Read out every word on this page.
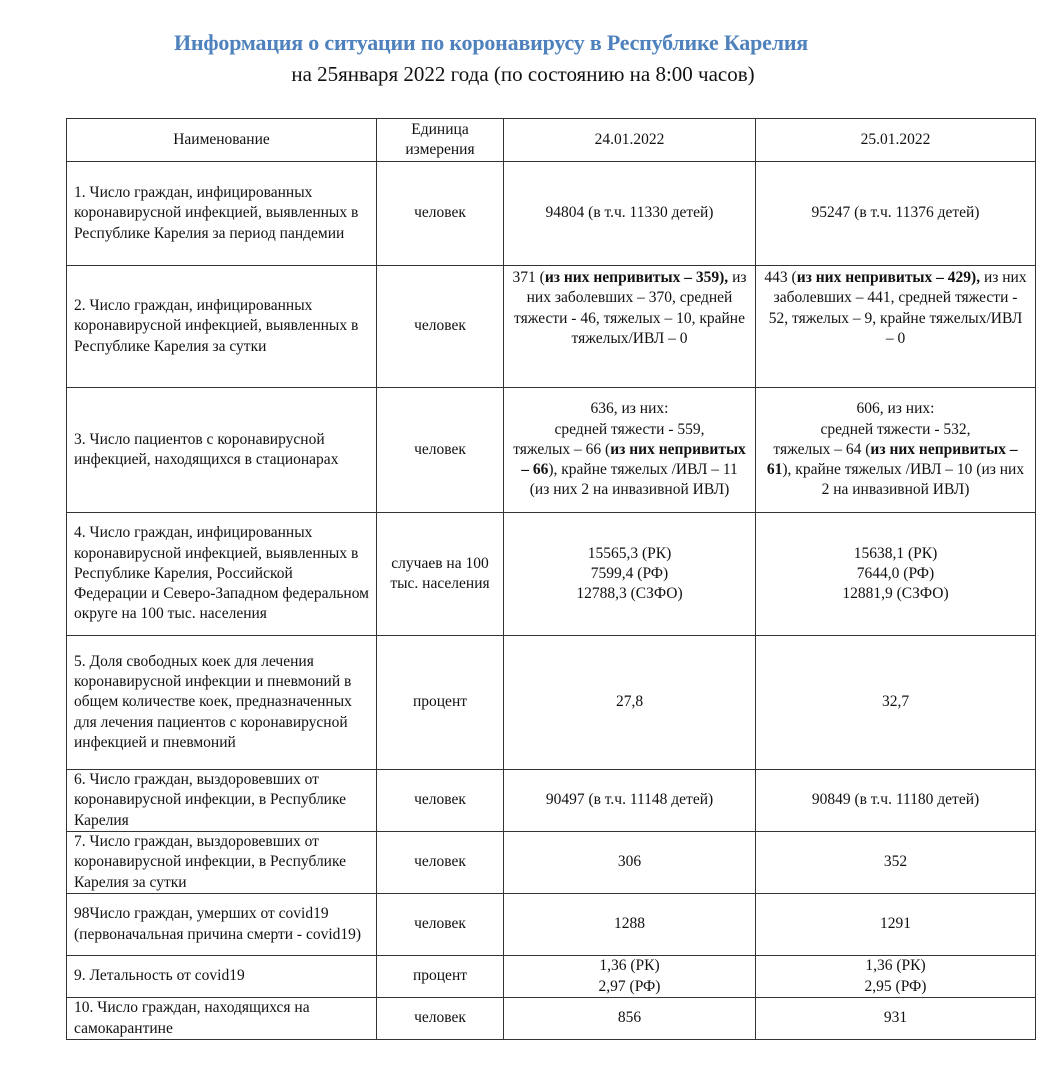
Информация о ситуации по коронавирусу в Республике Карелия
на 25января 2022 года (по состоянию на 8:00 часов)
Наименование	Единица измерения	24.01.2022	25.01.2022
1. Число граждан, инфицированных коронавирусной инфекцией, выявленных в Республике Карелия за период пандемии	человек	94804 (в т.ч. 11330 детей)	95247 (в т.ч. 11376 детей)
2. Число граждан, инфицированных коронавирусной инфекцией, выявленных в Республике Карелия за сутки	человек	371 (из них непривитых – 359), из них заболевших – 370, средней тяжести - 46, тяжелых – 10, крайне тяжелых/ИВЛ – 0	443 (из них непривитых – 429), из них заболевших – 441, средней тяжести - 52, тяжелых – 9, крайне тяжелых/ИВЛ – 0
3. Число пациентов с коронавирусной инфекцией, находящихся в стационарах	человек	636, из них:
средней тяжести - 559,
тяжелых – 66 (из них непривитых – 66), крайне тяжелых /ИВЛ – 11 (из них 2 на инвазивной ИВЛ)	606, из них:
средней тяжести - 532,
тяжелых – 64 (из них непривитых – 61), крайне тяжелых /ИВЛ – 10 (из них 2 на инвазивной ИВЛ)
4. Число граждан, инфицированных коронавирусной инфекцией, выявленных в Республике Карелия, Российской Федерации и Северо-Западном федеральном округе на 100 тыс. населения	случаев на 100 тыс. населения	15565,3 (РК)
7599,4 (РФ)
12788,3 (СЗФО)	15638,1 (РК)
7644,0 (РФ)
12881,9 (СЗФО)

5. Доля свободных коек для лечения коронавирусной инфекции и пневмоний в общем количестве коек, предназначенных для лечения пациентов с коронавирусной инфекцией и пневмоний	процент	27,8	32,7
6. Число граждан, выздоровевших от коронавирусной инфекции, в Республике Карелия	человек	90497 (в т.ч. 11148 детей)	90849 (в т.ч. 11180 детей)
7. Число граждан, выздоровевших от коронавирусной инфекции, в Республике Карелия за сутки	человек	306	352
98Число граждан, умерших от covid19 (первоначальная причина смерти - covid19)	человек	1288	1291
9. Летальность от covid19	процент	1,36 (РК)
2,97 (РФ)	1,36 (РК)
2,95 (РФ)

10. Число граждан, находящихся на самокарантине	человек	856	931
